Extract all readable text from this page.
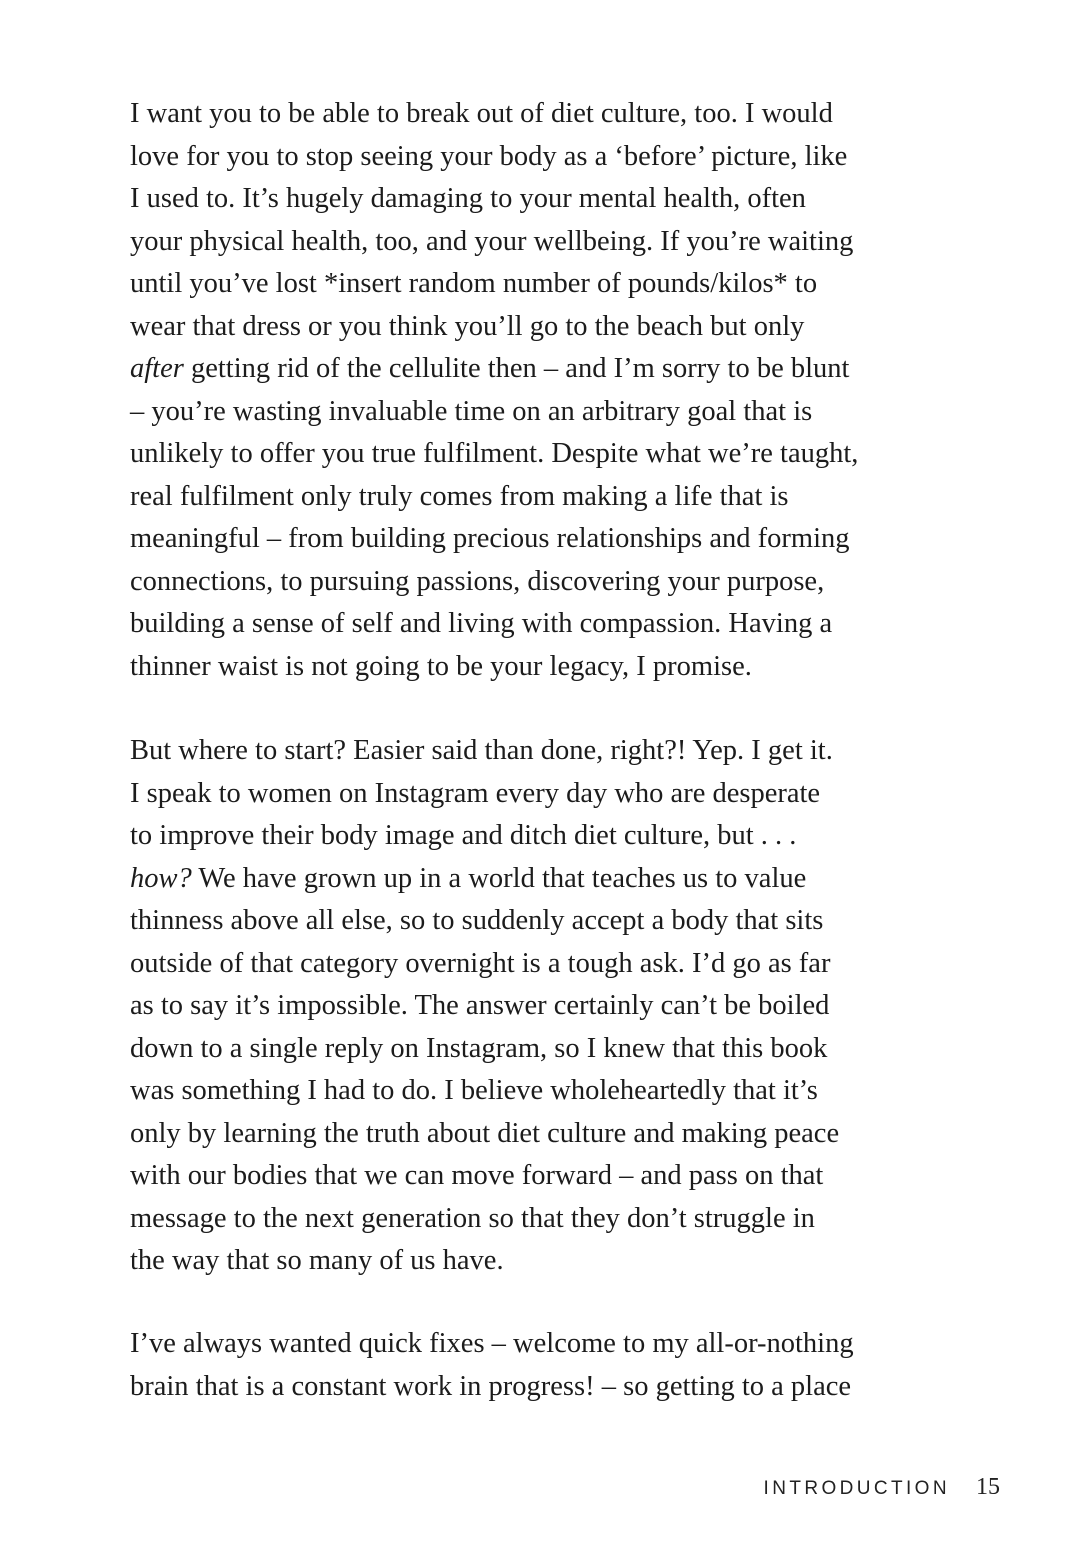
I want you to be able to break out of diet culture, too. I would
love for you to stop seeing your body as a ‘before’ picture, like
I used to. It’s hugely damaging to your mental health, often
your physical health, too, and your wellbeing. If you’re waiting
until you’ve lost *insert random number of pounds/kilos* to
wear that dress or you think you’ll go to the beach but only
after getting rid of the cellulite then – and I’m sorry to be blunt
– you’re wasting invaluable time on an arbitrary goal that is
unlikely to offer you true fulfilment. Despite what we’re taught,
real fulfilment only truly comes from making a life that is
meaningful – from building precious relationships and forming
connections, to pursuing passions, discovering your purpose,
building a sense of self and living with compassion. Having a
thinner waist is not going to be your legacy, I promise.
But where to start? Easier said than done, right?! Yep. I get it.
I speak to women on Instagram every day who are desperate
to improve their body image and ditch diet culture, but . . .
how? We have grown up in a world that teaches us to value
thinness above all else, so to suddenly accept a body that sits
outside of that category overnight is a tough ask. I’d go as far
as to say it’s impossible. The answer certainly can’t be boiled
down to a single reply on Instagram, so I knew that this book
was something I had to do. I believe wholeheartedly that it’s
only by learning the truth about diet culture and making peace
with our bodies that we can move forward – and pass on that
message to the next generation so that they don’t struggle in
the way that so many of us have.
I’ve always wanted quick fixes – welcome to my all-or-nothing
brain that is a constant work in progress! – so getting to a place
INTRODUCTION 15
